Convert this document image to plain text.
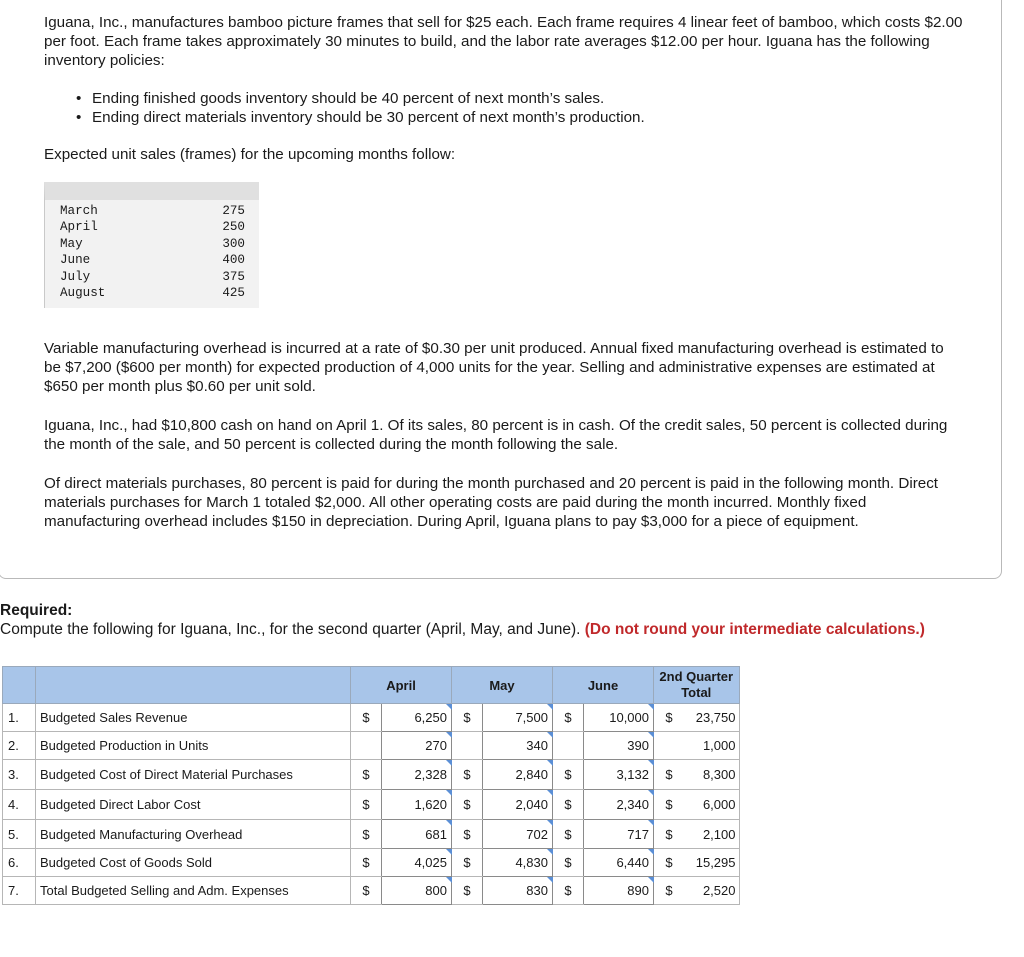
Iguana, Inc., manufactures bamboo picture frames that sell for $25 each. Each frame requires 4 linear feet of bamboo, which costs $2.00 per foot. Each frame takes approximately 30 minutes to build, and the labor rate averages $12.00 per hour. Iguana has the following inventory policies:

• Ending finished goods inventory should be 40 percent of next month’s sales.
• Ending direct materials inventory should be 30 percent of next month’s production.

Expected unit sales (frames) for the upcoming months follow:

March	275
April	250
May	300
June	400
July	375
August	425

Variable manufacturing overhead is incurred at a rate of $0.30 per unit produced. Annual fixed manufacturing overhead is estimated to be $7,200 ($600 per month) for expected production of 4,000 units for the year. Selling and administrative expenses are estimated at $650 per month plus $0.60 per unit sold.

Iguana, Inc., had $10,800 cash on hand on April 1. Of its sales, 80 percent is in cash. Of the credit sales, 50 percent is collected during the month of the sale, and 50 percent is collected during the month following the sale.

Of direct materials purchases, 80 percent is paid for during the month purchased and 20 percent is paid in the following month. Direct materials purchases for March 1 totaled $2,000. All other operating costs are paid during the month incurred. Monthly fixed manufacturing overhead includes $150 in depreciation. During April, Iguana plans to pay $3,000 for a piece of equipment.

Required:

Compute the following for Iguana, Inc., for the second quarter (April, May, and June). (Do not round your intermediate calculations.)

		April		May		June		2nd Quarter Total	
1.	Budgeted Sales Revenue	$	6,250	$	7,500	$	10,000	$	23,750
2.	Budgeted Production in Units		270		340		390		1,000
3.	Budgeted Cost of Direct Material Purchases	$	2,328	$	2,840	$	3,132	$	8,300
4.	Budgeted Direct Labor Cost	$	1,620	$	2,040	$	2,340	$	6,000
5.	Budgeted Manufacturing Overhead	$	681	$	702	$	717	$	2,100
6.	Budgeted Cost of Goods Sold	$	4,025	$	4,830	$	6,440	$	15,295
7.	Total Budgeted Selling and Adm. Expenses	$	800	$	830	$	890	$	2,520
